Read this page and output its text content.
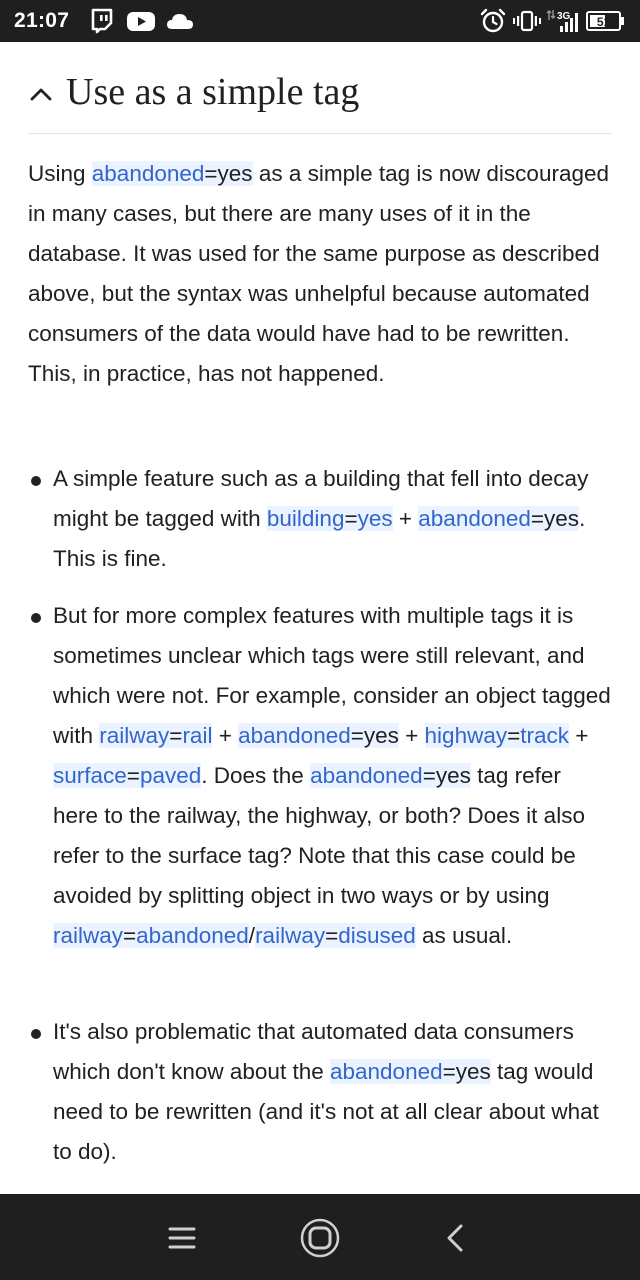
21:07	3G 51
Use as a simple tag

Using abandoned=yes as a simple tag is now discouraged in many cases, but there are many uses of it in the database. It was used for the same purpose as described above, but the syntax was unhelpful because automated consumers of the data would have had to be rewritten. This, in practice, has not happened.

A simple feature such as a building that fell into decay might be tagged with building=yes + abandoned=yes. This is fine.

But for more complex features with multiple tags it is sometimes unclear which tags were still relevant, and which were not. For example, consider an object tagged with railway=rail + abandoned=yes + highway=track + surface=paved. Does the abandoned=yes tag refer here to the railway, the highway, or both? Does it also refer to the surface tag? Note that this case could be avoided by splitting object in two ways or by using railway=abandoned/railway=disused as usual.

It's also problematic that automated data consumers which don't know about the abandoned=yes tag would need to be rewritten (and it's not at all clear about what to do).
